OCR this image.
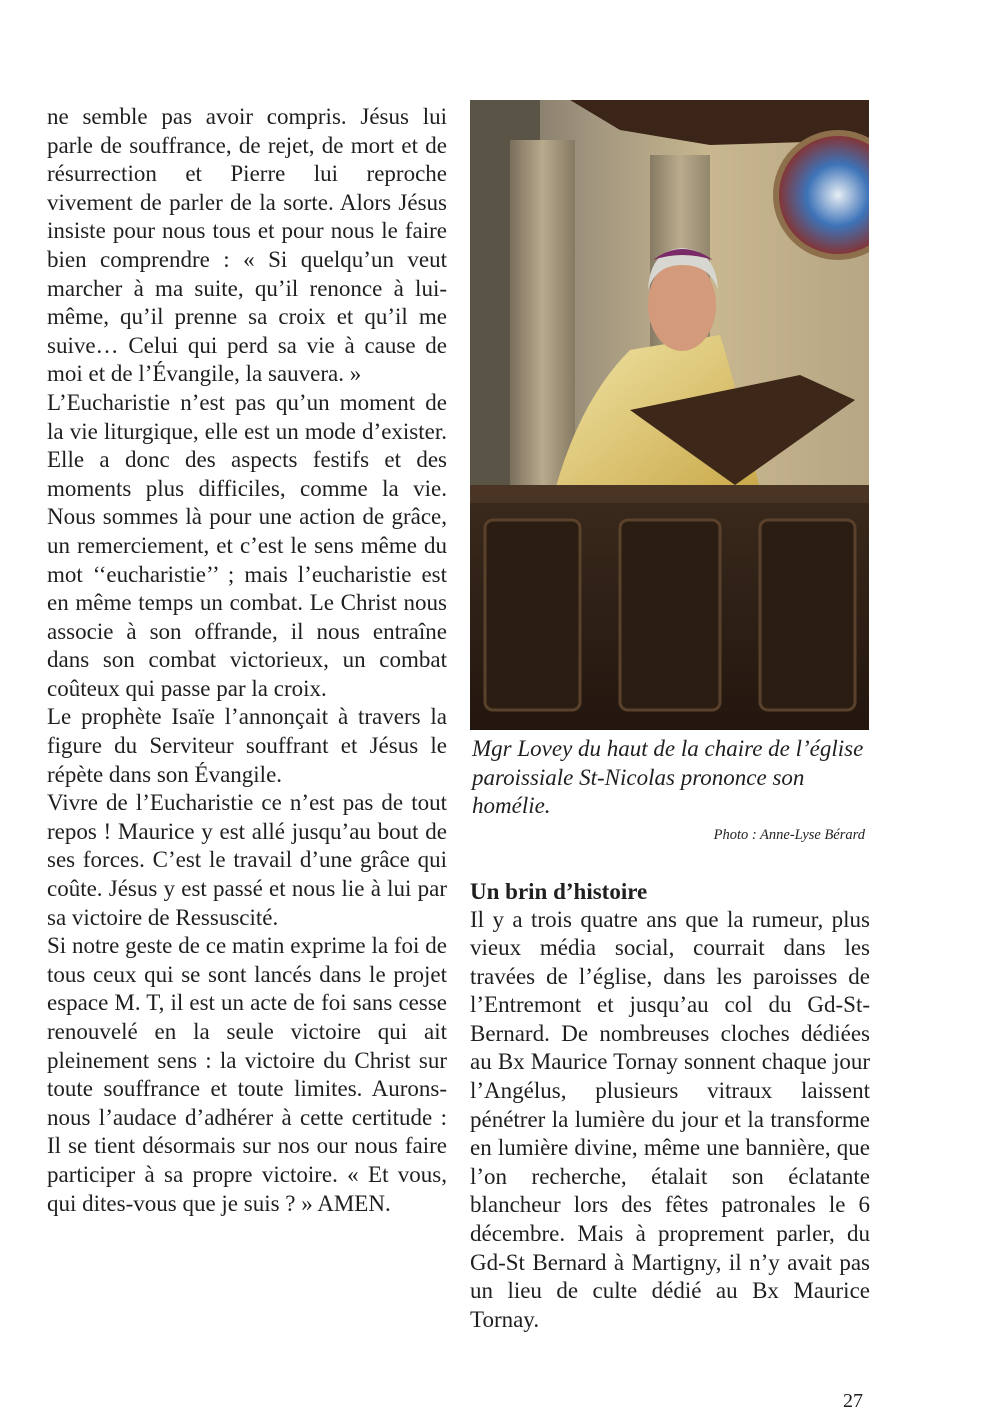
ne semble pas avoir compris. Jésus lui parle de souffrance, de rejet, de mort et de résurrection et Pierre lui reproche vivement de parler de la sorte. Alors Jésus insiste pour nous tous et pour nous le faire bien comprendre : « Si quelqu’un veut marcher à ma suite, qu’il renonce à lui-même, qu’il prenne sa croix et qu’il me suive… Celui qui perd sa vie à cause de moi et de l’Évangile, la sauvera. »

L’Eucharistie n’est pas qu’un moment de la vie liturgique, elle est un mode d’exister. Elle a donc des aspects festifs et des moments plus difficiles, comme la vie. Nous sommes là pour une action de grâce, un remerciement, et c’est le sens même du mot ‘‘eucharistie’’ ; mais l’eucharistie est en même temps un combat. Le Christ nous associe à son offrande, il nous entraîne dans son combat victorieux, un combat coûteux qui passe par la croix.

Le prophète Isaïe l’annonçait à travers la figure du Serviteur souffrant et Jésus le répète dans son Évangile.

Vivre de l’Eucharistie ce n’est pas de tout repos ! Maurice y est allé jusqu’au bout de ses forces. C’est le travail d’une grâce qui coûte. Jésus y est passé et nous lie à lui par sa victoire de Ressuscité.

Si notre geste de ce matin exprime la foi de tous ceux qui se sont lancés dans le projet espace M. T, il est un acte de foi sans cesse renouvelé en la seule victoire qui ait pleinement sens : la victoire du Christ sur toute souffrance et toute limites. Aurons-nous l’audace d’adhérer à cette certitude : Il se tient désormais sur nos our nous faire participer à sa propre victoire. « Et vous, qui dites-vous que je suis ? » AMEN.

Mgr Lovey du haut de la chaire de l’église paroissiale St-Nicolas prononce son homélie.
Photo : Anne-Lyse Bérard
Un brin d’histoire

Il y a trois quatre ans que la rumeur, plus vieux média social, courrait dans les travées de l’église, dans les paroisses de l’Entremont et jusqu’au col du Gd-St-Bernard. De nombreuses cloches dédiées au Bx Maurice Tornay sonnent chaque jour l’Angélus, plusieurs vitraux laissent pénétrer la lumière du jour et la transforme en lumière divine, même une bannière, que l’on recherche, étalait son éclatante blancheur lors des fêtes patronales le 6 décembre. Mais à proprement parler, du Gd-St Bernard à Martigny, il n’y avait pas un lieu de culte dédié au Bx Maurice Tornay.

27
